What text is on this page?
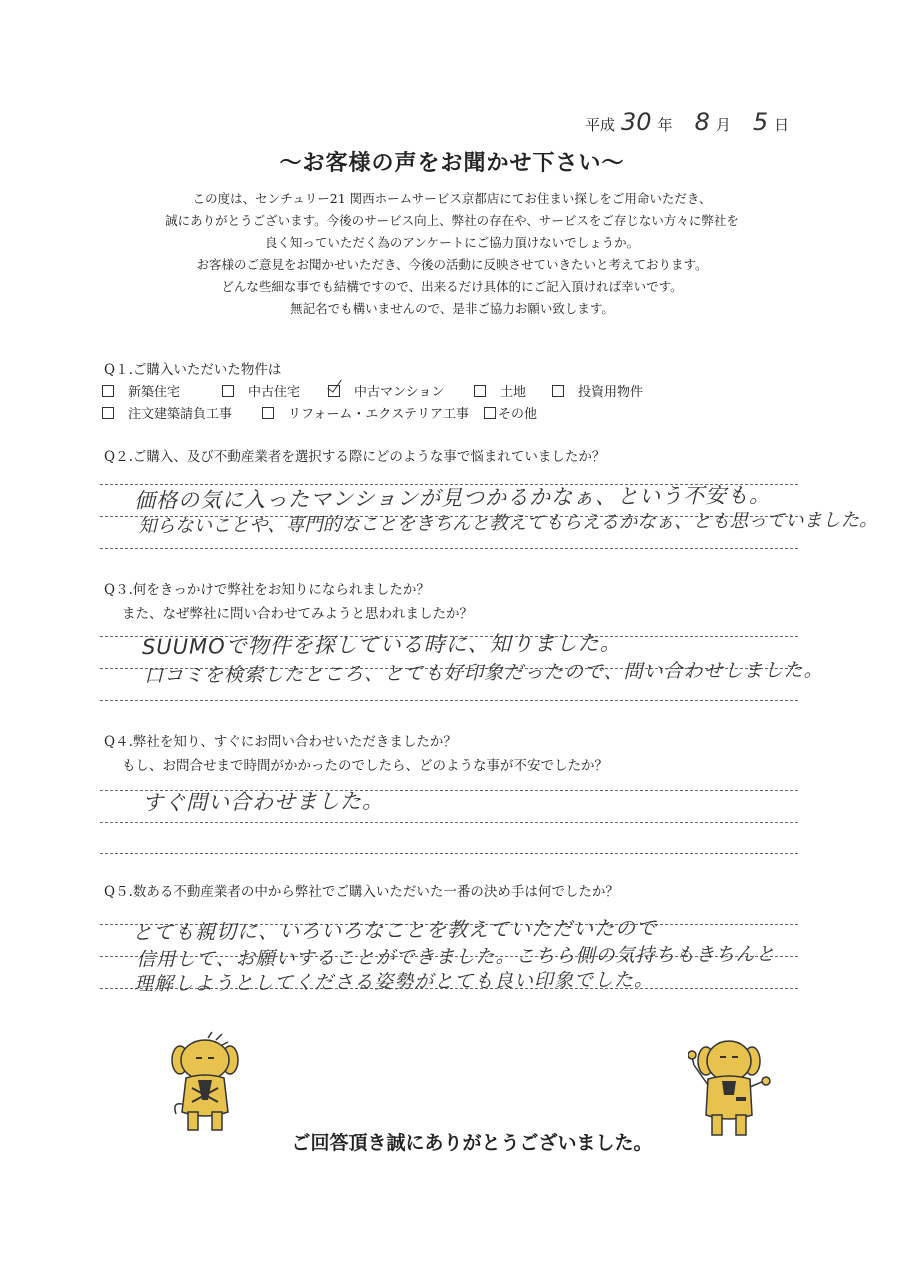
平成 30 年 8 月 5 日
～お客様の声をお聞かせ下さい～
この度は、センチュリー21 関西ホームサービス京都店にてお住まい探しをご用命いただき、
誠にありがとうございます。今後のサービス向上、弊社の存在や、サービスをご存じない方々に弊社を
良く知っていただく為のアンケートにご協力頂けないでしょうか。
お客様のご意見をお聞かせいただき、今後の活動に反映させていきたいと考えております。
どんな些細な事でも結構ですので、出来るだけ具体的にご記入頂ければ幸いです。
無記名でも構いませんので、是非ご協力お願い致します。
Q１.ご購入いただいた物件は
新築住宅	中古住宅	中古マンション	土地	投資用物件
注文建築請負工事	リフォーム・エクステリア工事	その他
Q２.ご購入、及び不動産業者を選択する際にどのような事で悩まれていましたか？
価格の気に入ったマンションが見つかるかなぁ、という不安も。
知らないことや、専門的なことをきちんと教えてもらえるかなぁ、とも思っていました。
Q３.何をきっかけで弊社をお知りになられましたか？
また、なぜ弊社に問い合わせてみようと思われましたか？
SUUMOで物件を探している時に、知りました。
口コミを検索したところ、とても好印象だったので、問い合わせしました。
Q４.弊社を知り、すぐにお問い合わせいただきましたか？
もし、お問合せまで時間がかかったのでしたら、どのような事が不安でしたか？
すぐ問い合わせました。
Q５.数ある不動産業者の中から弊社でご購入いただいた一番の決め手は何でしたか？
とても親切に、いろいろなことを教えていただいたので
信用して、お願いすることができました。こちら側の気持ちもきちんと
理解しようとしてくださる姿勢がとても良い印象でした。
ご回答頂き誠にありがとうございました。
